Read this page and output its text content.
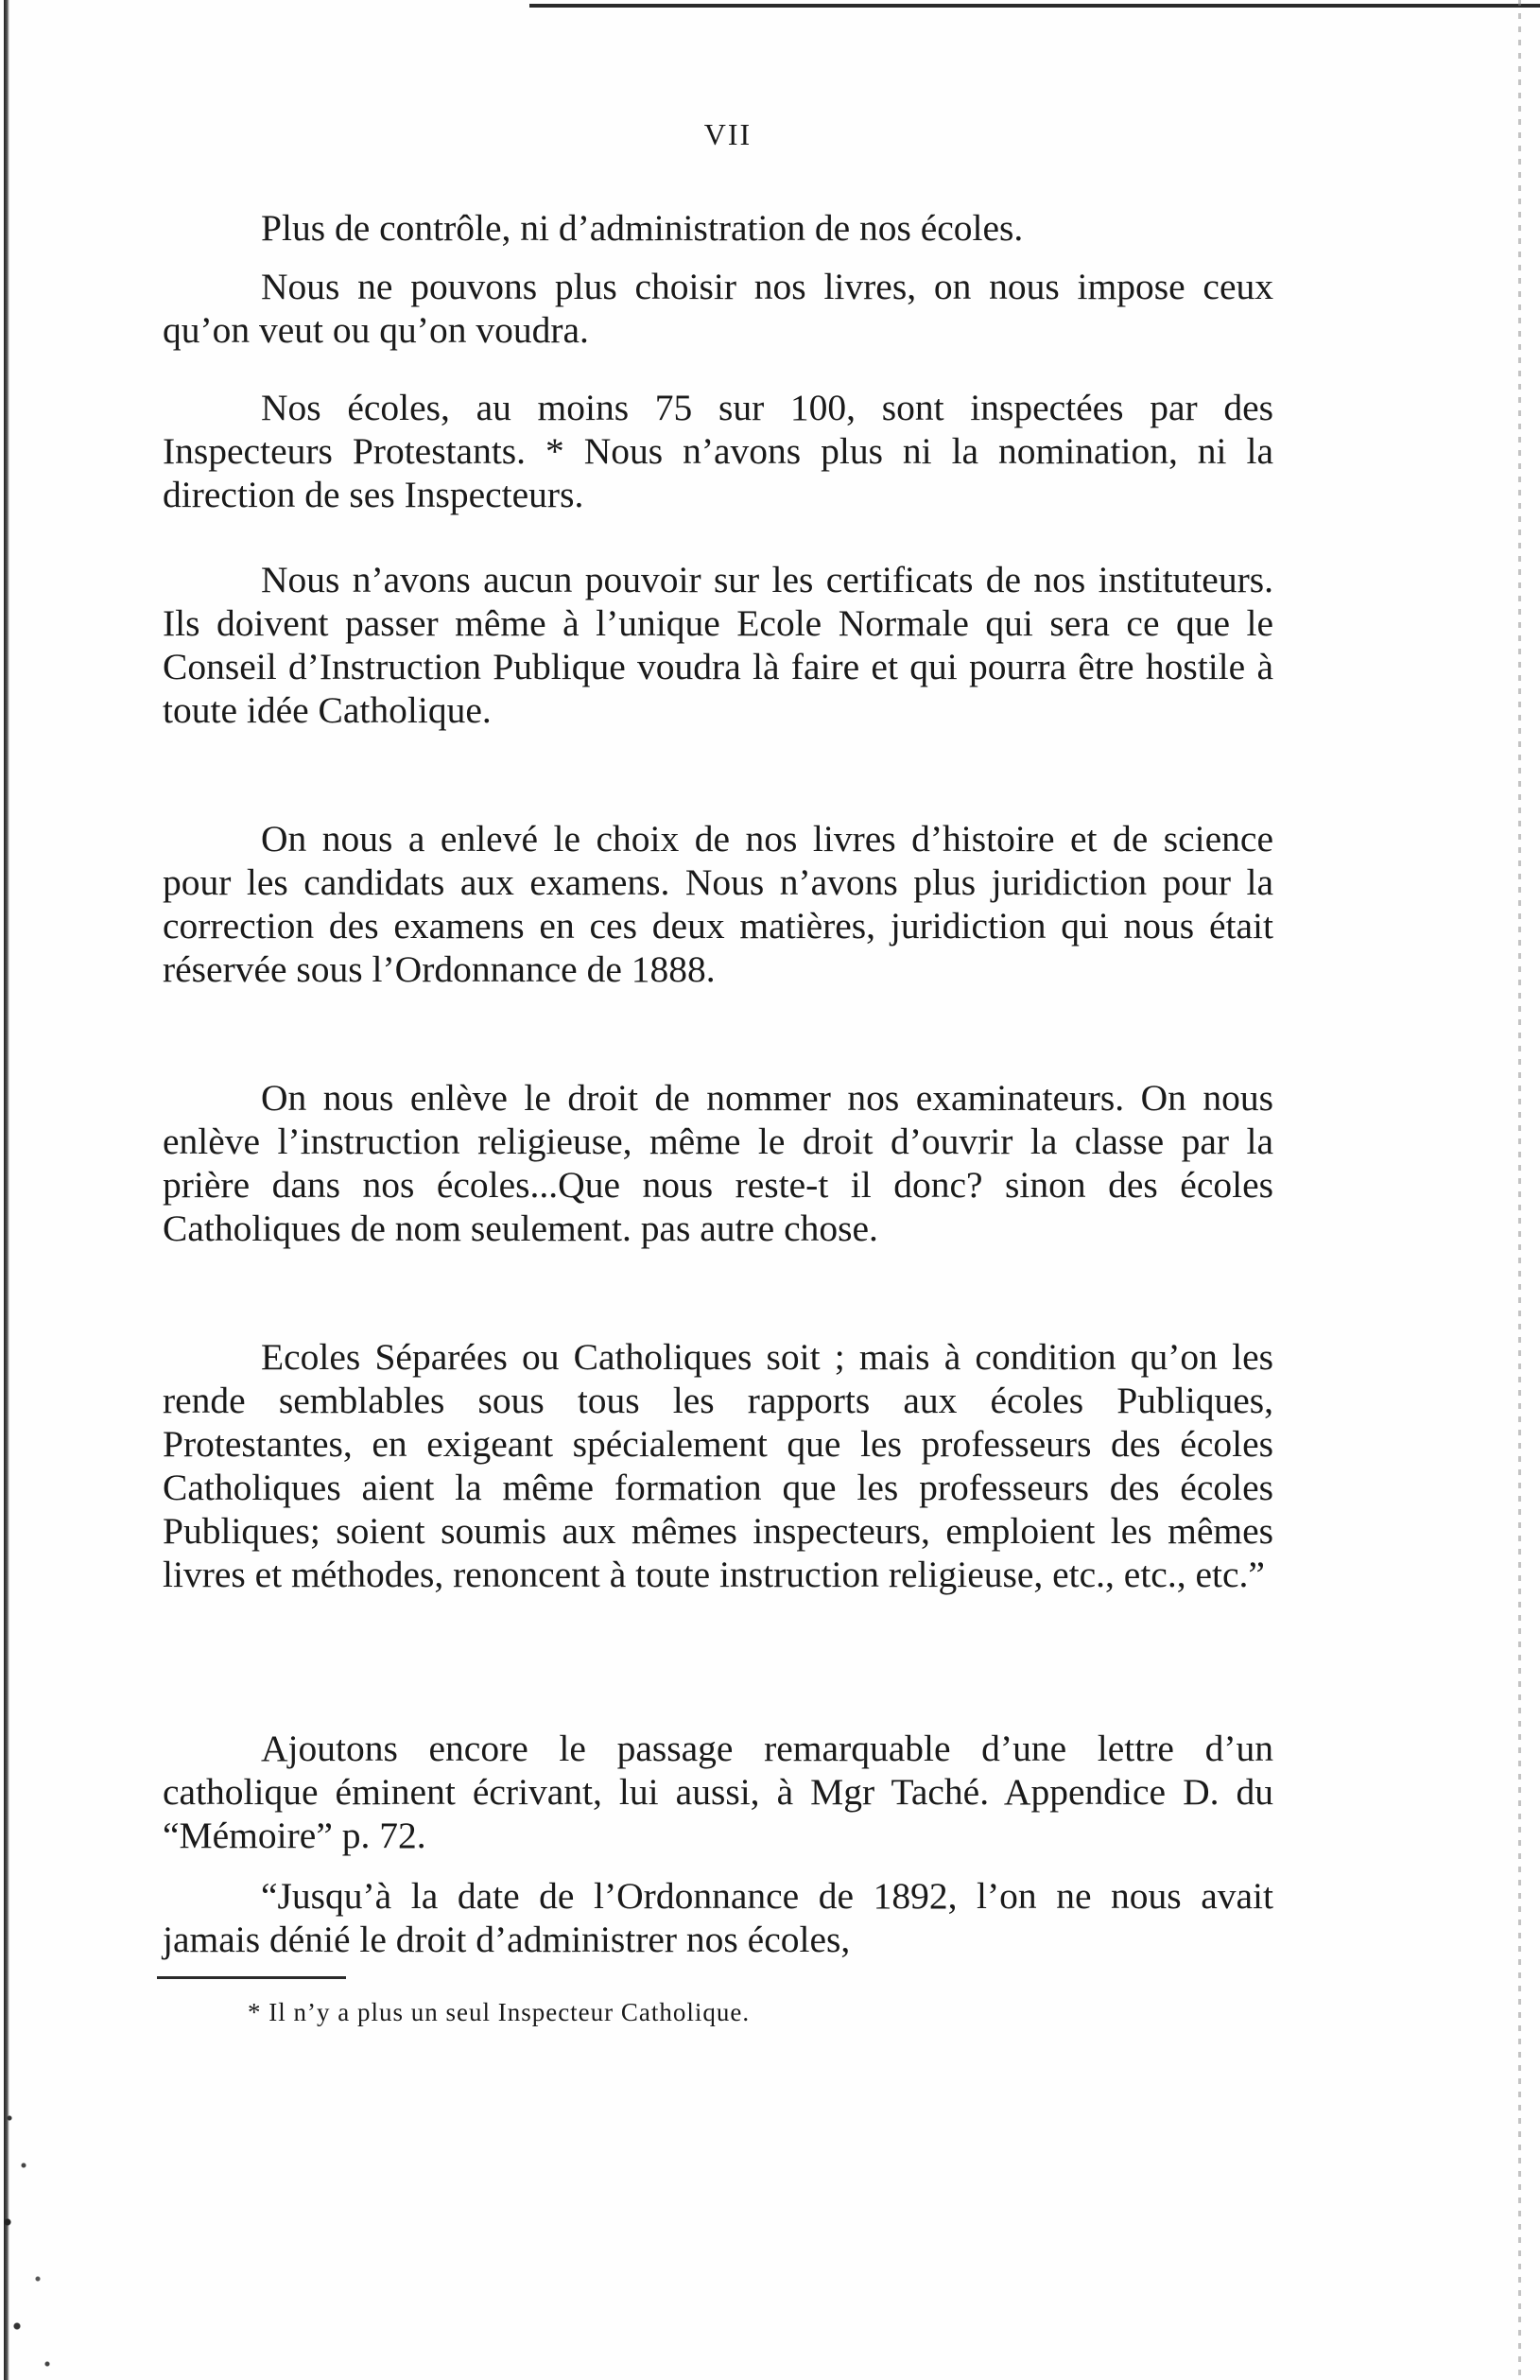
VII
Plus de contrôle, ni d’administration de nos écoles.
Nous ne pouvons plus choisir nos livres, on nous impose ceux qu’on veut ou qu’on voudra.
Nos écoles, au moins 75 sur 100, sont inspectées par des Inspecteurs Protestants. * Nous n’avons plus ni la nomination, ni la direction de ses Inspecteurs.
Nous n’avons aucun pouvoir sur les certificats de nos instituteurs. Ils doivent passer même à l’unique Ecole Normale qui sera ce que le Conseil d’Instruction Publique voudra là faire et qui pourra être hostile à toute idée Catholique.
On nous a enlevé le choix de nos livres d’histoire et de science pour les candidats aux examens. Nous n’avons plus juridiction pour la correction des examens en ces deux matières, juridiction qui nous était réservée sous l’Ordonnance de 1888.
On nous enlève le droit de nommer nos examinateurs. On nous enlève l’instruction religieuse, même le droit d’ouvrir la classe par la prière dans nos écoles...Que nous reste-t il donc? sinon des écoles Catholiques de nom seulement. pas autre chose.
Ecoles Séparées ou Catholiques soit ; mais à condition qu’on les rende semblables sous tous les rapports aux écoles Publiques, Protestantes, en exigeant spécialement que les professeurs des écoles Catholiques aient la même formation que les professeurs des écoles Publiques; soient soumis aux mêmes inspecteurs, emploient les mêmes livres et méthodes, renoncent à toute instruction religieuse, etc., etc., etc.”
Ajoutons encore le passage remarquable d’une lettre d’un catholique éminent écrivant, lui aussi, à Mgr Taché. Appendice D. du “Mémoire” p. 72.
“Jusqu’à la date de l’Ordonnance de 1892, l’on ne nous avait jamais dénié le droit d’administrer nos écoles,
* Il n’y a plus un seul Inspecteur Catholique.
